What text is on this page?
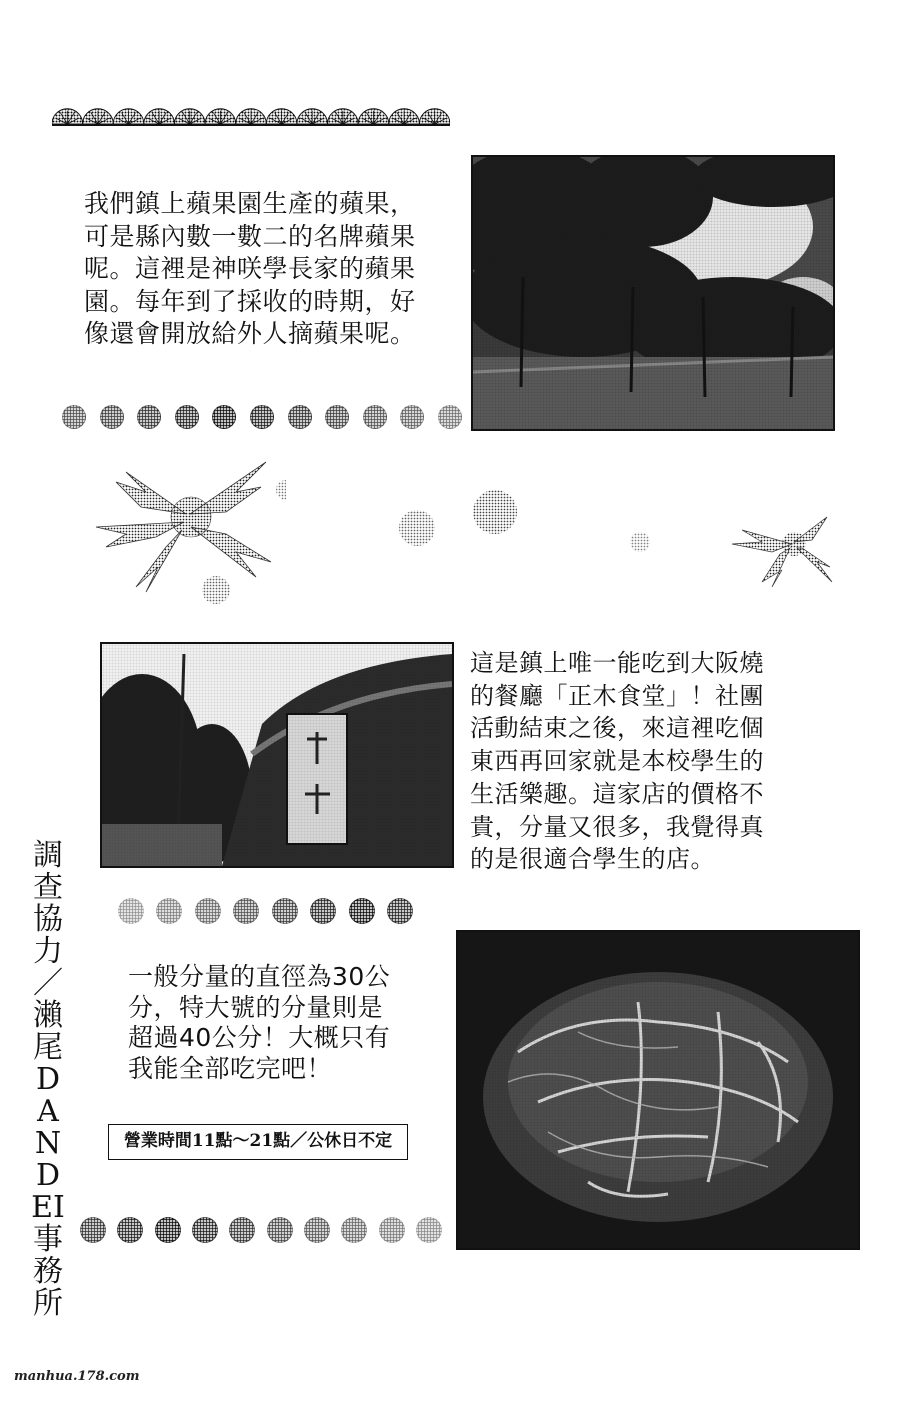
我們鎮上蘋果園生產的蘋果，
可是縣內數一數二的名牌蘋果
呢。這裡是神咲學長家的蘋果
園。每年到了採收的時期，好
像還會開放給外人摘蘋果呢。
這是鎮上唯一能吃到大阪燒
的餐廳「正木食堂」！社團
活動結束之後，來這裡吃個
東西再回家就是本校學生的
生活樂趣。這家店的價格不
貴，分量又很多，我覺得真
的是很適合學生的店。
調查協力／瀨尾DANDEI事務所
一般分量的直徑為30公
分，特大號的分量則是
超過40公分！大概只有
我能全部吃完吧！
營業時間11點～21點／公休日不定
manhua.178.com
